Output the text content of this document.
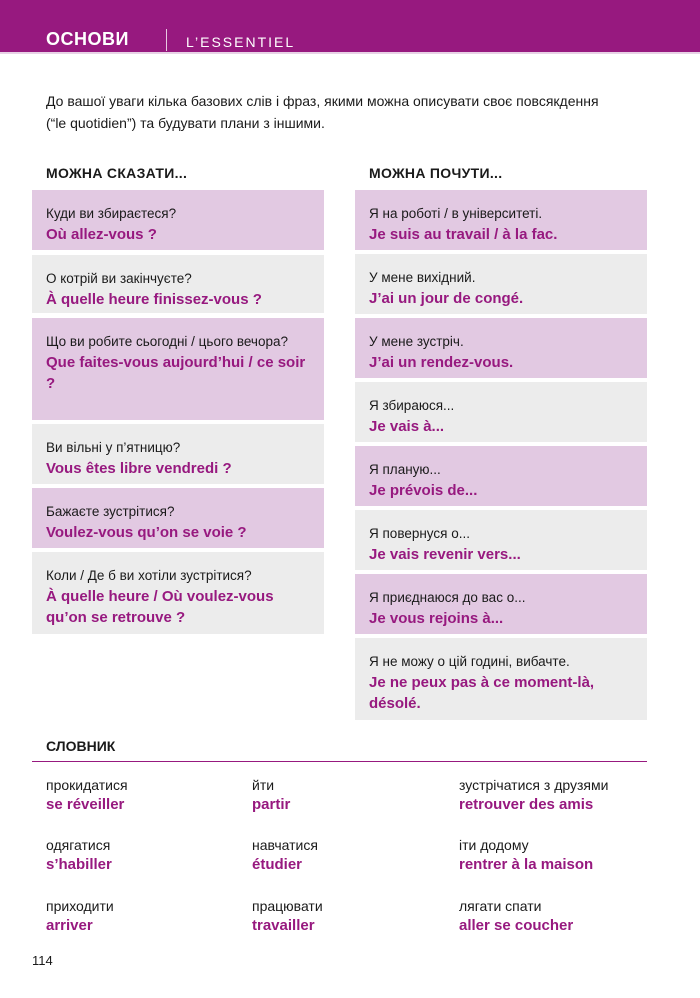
ОСНОВИ	L’ESSENTIEL

До вашої уваги кілька базових слів і фраз, якими можна описувати своє повсякдення (“le quotidien”) та будувати плани з іншими.

МОЖНА СКАЗАТИ...	МОЖНА ПОЧУТИ...
Куди ви збираєтеся?
Où allez-vous ?
О котрій ви закінчуєте?
À quelle heure finissez-vous ?
Що ви робите сьогодні / цього вечора?
Que faites-vous aujourd’hui / ce soir ?
Ви вільні у п’ятницю?
Vous êtes libre vendredi ?
Бажаєте зустрітися?
Voulez-vous qu’on se voie ?
Коли / Де б ви хотіли зустрітися?
À quelle heure / Où voulez-vous qu’on se retrouve ?
Я на роботі / в університеті.
Je suis au travail / à la fac.
У мене вихідний.
J’ai un jour de congé.
У мене зустріч.
J’ai un rendez-vous.
Я збираюся...
Je vais à...
Я планую...
Je prévois de...
Я повернуся о...
Je vais revenir vers...
Я приєднаюся до вас о...
Je vous rejoins à...
Я не можу о цій годині, вибачте.
Je ne peux pas à ce moment-là, désolé.
СЛОВНИК
прокидатися
se réveiller
йти
partir
зустрічатися з друзями
retrouver des amis
одягатися
s’habiller
навчатися
étudier
іти додому
rentrer à la maison
приходити
arriver
працювати
travailler
лягати спати
aller se coucher
114
